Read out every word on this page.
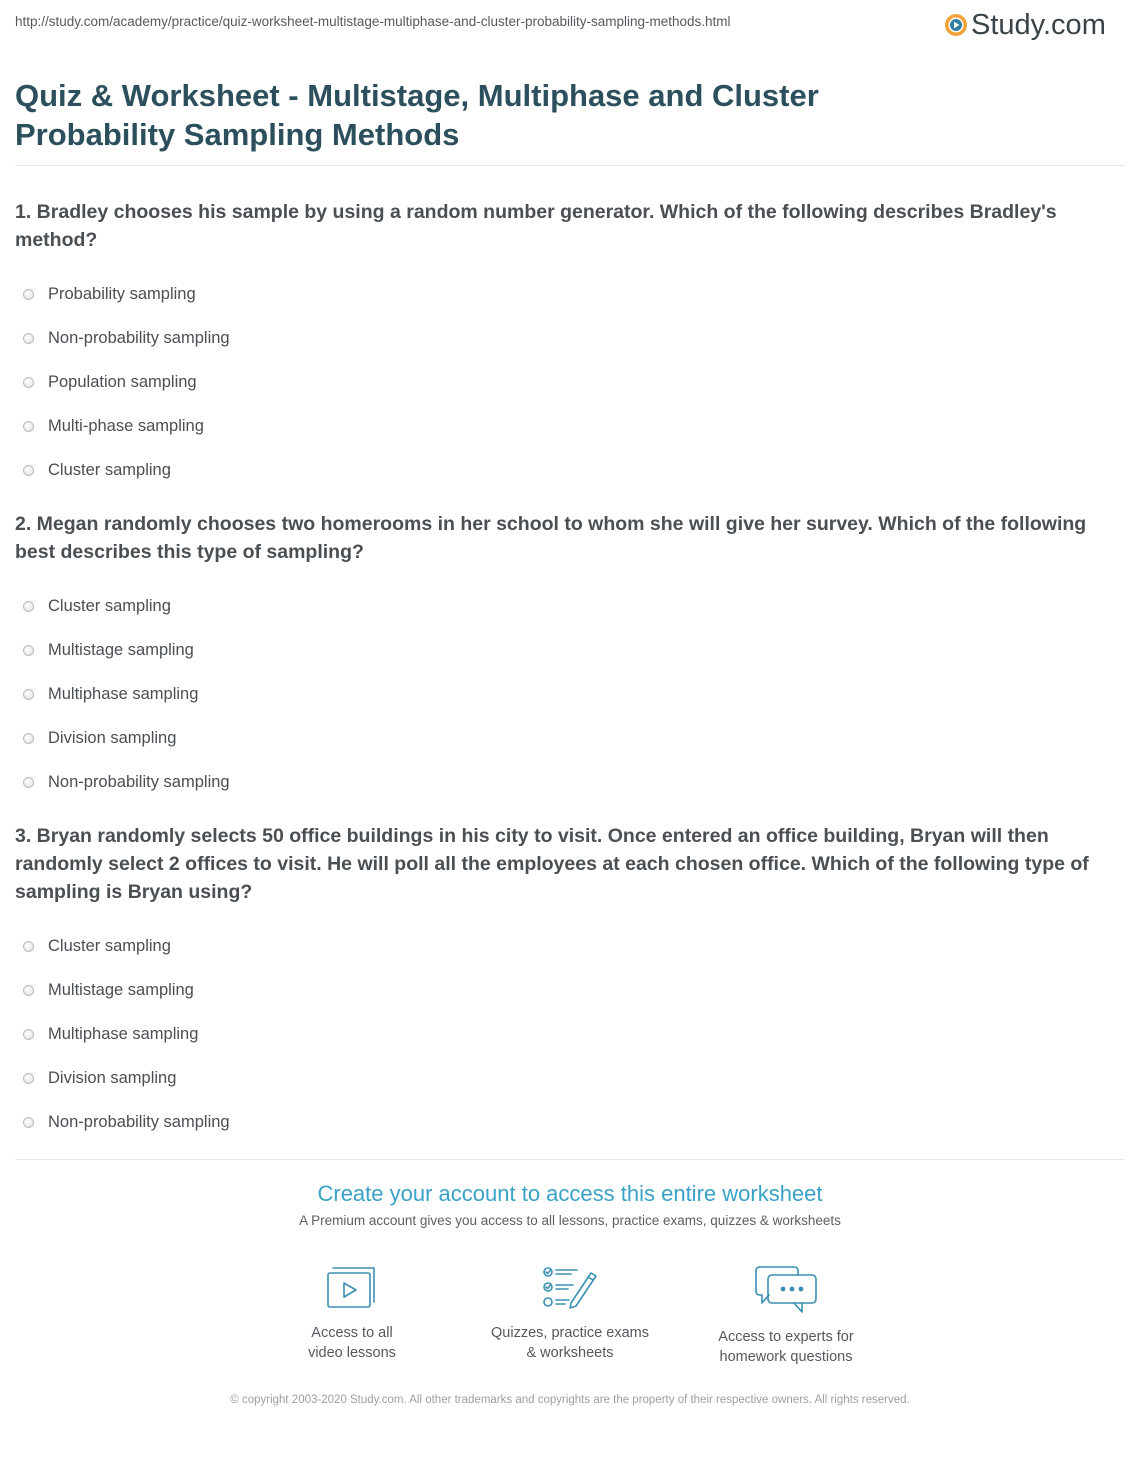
http://study.com/academy/practice/quiz-worksheet-multistage-multiphase-and-cluster-probability-sampling-methods.html	Study.com
Quiz & Worksheet - Multistage, Multiphase and Cluster Probability Sampling Methods

1. Bradley chooses his sample by using a random number generator. Which of the following describes Bradley's method?

Probability sampling
Non-probability sampling
Population sampling
Multi-phase sampling
Cluster sampling

2. Megan randomly chooses two homerooms in her school to whom she will give her survey. Which of the following best describes this type of sampling?

Cluster sampling
Multistage sampling
Multiphase sampling
Division sampling
Non-probability sampling

3. Bryan randomly selects 50 office buildings in his city to visit. Once entered an office building, Bryan will then randomly select 2 offices to visit. He will poll all the employees at each chosen office. Which of the following type of sampling is Bryan using?

Cluster sampling
Multistage sampling
Multiphase sampling
Division sampling
Non-probability sampling
Create your account to access this entire worksheet
A Premium account gives you access to all lessons, practice exams, quizzes & worksheets
Access to all
video lessons
Quizzes, practice exams
& worksheets
Access to experts for
homework questions
© copyright 2003-2020 Study.com. All other trademarks and copyrights are the property of their respective owners. All rights reserved.
